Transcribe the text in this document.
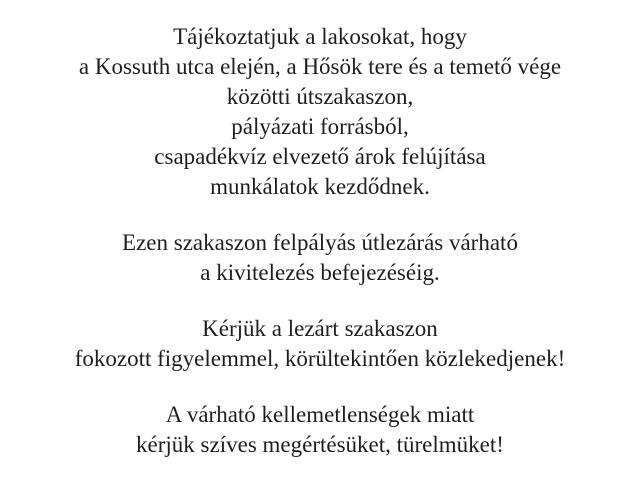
Tájékoztatjuk a lakosokat, hogy
a Kossuth utca elején, a Hősök tere és a temető vége
közötti útszakaszon,
pályázati forrásból,
csapadékvíz elvezető árok felújítása
munkálatok kezdődnek.

Ezen szakaszon felpályás útlezárás várható
a kivitelezés befejezéséig.

Kérjük a lezárt szakaszon
fokozott figyelemmel, körültekintően közlekedjenek!

A várható kellemetlenségek miatt
kérjük szíves megértésüket, türelmüket!
